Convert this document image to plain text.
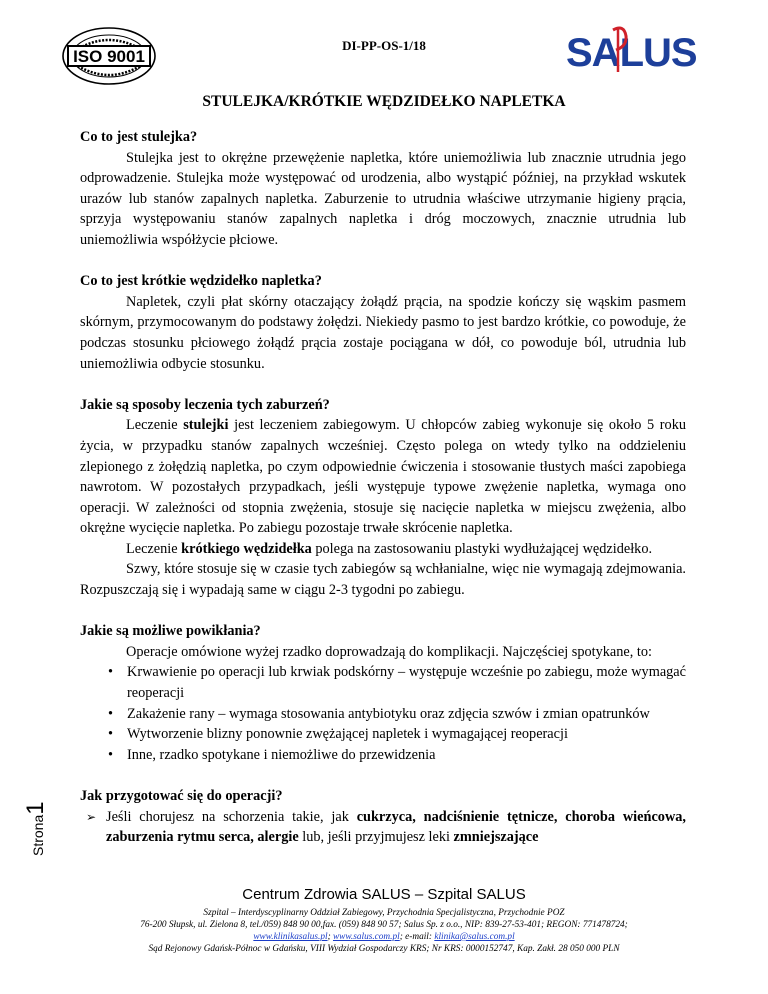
ISO 9001
DI-PP-OS-1/18	SALUS
STULEJKA/KRÓTKIE WĘDZIDEŁKO NAPLETKA
Co to jest stulejka?
Stulejka jest to okrężne przewężenie napletka, które uniemożliwia lub znacznie utrudnia jego odprowadzenie. Stulejka może występować od urodzenia, albo wystąpić później, na przykład wskutek urazów lub stanów zapalnych napletka. Zaburzenie to utrudnia właściwe utrzymanie higieny prącia, sprzyja występowaniu stanów zapalnych napletka i dróg moczowych, znacznie utrudnia lub uniemożliwia współżycie płciowe.
Co to jest krótkie wędzidełko napletka?
Napletek, czyli płat skórny otaczający żołądź prącia, na spodzie kończy się wąskim pasmem skórnym, przymocowanym do podstawy żołędzi. Niekiedy pasmo to jest bardzo krótkie, co powoduje, że podczas stosunku płciowego żołądź prącia zostaje pociągana w dół, co powoduje ból, utrudnia lub uniemożliwia odbycie stosunku.
Jakie są sposoby leczenia tych zaburzeń?
Leczenie stulejki jest leczeniem zabiegowym. U chłopców zabieg wykonuje się około 5 roku życia, w przypadku stanów zapalnych wcześniej. Często polega on wtedy tylko na oddzieleniu zlepionego z żołędzią napletka, po czym odpowiednie ćwiczenia i stosowanie tłustych maści zapobiega nawrotom. W pozostałych przypadkach, jeśli występuje typowe zwężenie napletka, wymaga ono operacji. W zależności od stopnia zwężenia, stosuje się nacięcie napletka w miejscu zwężenia, albo okrężne wycięcie napletka. Po zabiegu pozostaje trwałe skrócenie napletka.
Leczenie krótkiego wędzidełka polega na zastosowaniu plastyki wydłużającej wędzidełko.
Szwy, które stosuje się w czasie tych zabiegów są wchłanialne, więc nie wymagają zdejmowania. Rozpuszczają się i wypadają same w ciągu 2-3 tygodni po zabiegu.
Jakie są możliwe powikłania?
Operacje omówione wyżej rzadko doprowadzają do komplikacji. Najczęściej spotykane, to:
• Krwawienie po operacji lub krwiak podskórny – występuje wcześnie po zabiegu, może wymagać reoperacji
• Zakażenie rany – wymaga stosowania antybiotyku oraz zdjęcia szwów i zmian opatrunków
• Wytworzenie blizny ponownie zwężającej napletek i wymagającej reoperacji
• Inne, rzadko spotykane i niemożliwe do przewidzenia
Jak przygotować się do operacji?
➢ Jeśli chorujesz na schorzenia takie, jak cukrzyca, nadciśnienie tętnicze, choroba wieńcowa, zaburzenia rytmu serca, alergie lub, jeśli przyjmujesz leki zmniejszające
Strona1
Centrum Zdrowia SALUS – Szpital SALUS
Szpital – Interdyscyplinarny Oddział Zabiegowy, Przychodnia Specjalistyczna, Przychodnie POZ
76-200 Słupsk, ul. Zielona 8, tel./059) 848 90 00,fax. (059) 848 90 57; Salus Sp. z o.o., NIP: 839-27-53-401; REGON: 771478724;
www.klinikasalus.pl; www.salus.com.pl; e-mail: klinika@salus.com.pl
Sąd Rejonowy Gdańsk-Północ w Gdańsku, VIII Wydział Gospodarczy KRS; Nr KRS: 0000152747, Kap. Zakł. 28 050 000 PLN
